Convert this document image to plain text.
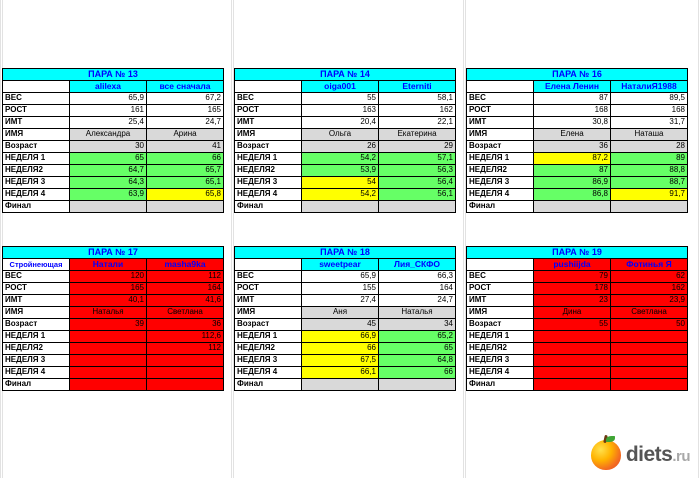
ПАРА № 13		
	alilexa	все сначала
ВЕС	65,9	67,2
РОСТ	161	165
ИМТ	25,4	24,7
ИМЯ	Александра	Арина
Возраст	30	41
НЕДЕЛЯ 1	65	66
НЕДЕЛЯ2	64,7	65,7
НЕДЕЛЯ 3	64,3	65,1
НЕДЕЛЯ 4	63,9	65,8
Финал		
ПАРА № 14		
	oiga001	Eterniti
ВЕС	55	58,1
РОСТ	163	162
ИМТ	20,4	22,1
ИМЯ	Ольга	Екатерина
Возраст	26	29
НЕДЕЛЯ 1	54,2	57,1
НЕДЕЛЯ2	53,9	56,3
НЕДЕЛЯ 3	54	56,4
НЕДЕЛЯ 4	54,2	56,1
Финал		
ПАРА № 16		
	Елена Ленин	НаталиЯ1988
ВЕС	87	89,5
РОСТ	168	168
ИМТ	30,8	31,7
ИМЯ	Елена	Наташа
Возраст	36	28
НЕДЕЛЯ 1	87,2	89
НЕДЕЛЯ2	87	88,8
НЕДЕЛЯ 3	86,9	88,7
НЕДЕЛЯ 4	86,8	91,7
Финал		
ПАРА № 17		
Стройнеющая	Натали	mashа9ka
ВЕС	120	112
РОСТ	165	164
ИМТ	40,1	41,6
ИМЯ	Наталья	Светлана
Возраст	39	36
НЕДЕЛЯ 1		112,6
НЕДЕЛЯ2		112
НЕДЕЛЯ 3		
НЕДЕЛЯ 4		
Финал		
ПАРА № 18		
	sweetpear	Лия_СКФО
ВЕС	65,9	66,3
РОСТ	155	164
ИМТ	27,4	24,7
ИМЯ	Аня	Наталья
Возраст	45	34
НЕДЕЛЯ 1	66,9	65,2
НЕДЕЛЯ2	66	65
НЕДЕЛЯ 3	67,5	64,8
НЕДЕЛЯ 4	66,1	66
Финал		
ПАРА № 19		
	pushiijda	Фотинья Я
ВЕС	79	62
РОСТ	178	162
ИМТ	23	23,9
ИМЯ	Дина	Светлана
Возраст	55	50
НЕДЕЛЯ 1		
НЕДЕЛЯ2		
НЕДЕЛЯ 3		
НЕДЕЛЯ 4		
Финал		
diets.ru
